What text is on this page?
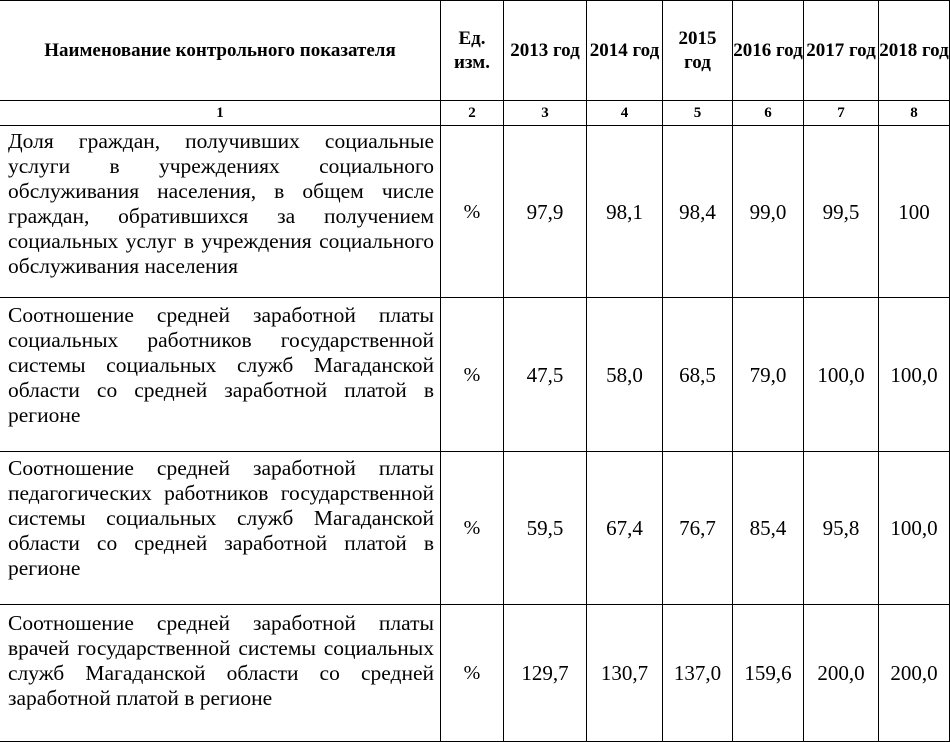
Наименование контрольного показателя	Ед. изм.	2013 год	2014 год	2015 год	2016 год	2017 год	2018 год
1	2	3	4	5	6	7	8
Доля граждан, получивших социальные услуги в учреждениях социального обслуживания населения, в общем числе граждан, обратившихся за получением социальных услуг в учреждения социального обслуживания населения	%	97,9	98,1	98,4	99,0	99,5	100
Соотношение средней заработной платы социальных работников государственной системы социальных служб Магаданской области со средней заработной платой в регионе	%	47,5	58,0	68,5	79,0	100,0	100,0
Соотношение средней заработной платы педагогических работников государственной системы социальных служб Магаданской области со средней заработной платой в регионе	%	59,5	67,4	76,7	85,4	95,8	100,0
Соотношение средней заработной платы врачей государственной системы социальных служб Магаданской области со средней заработной платой в регионе	%	129,7	130,7	137,0	159,6	200,0	200,0
